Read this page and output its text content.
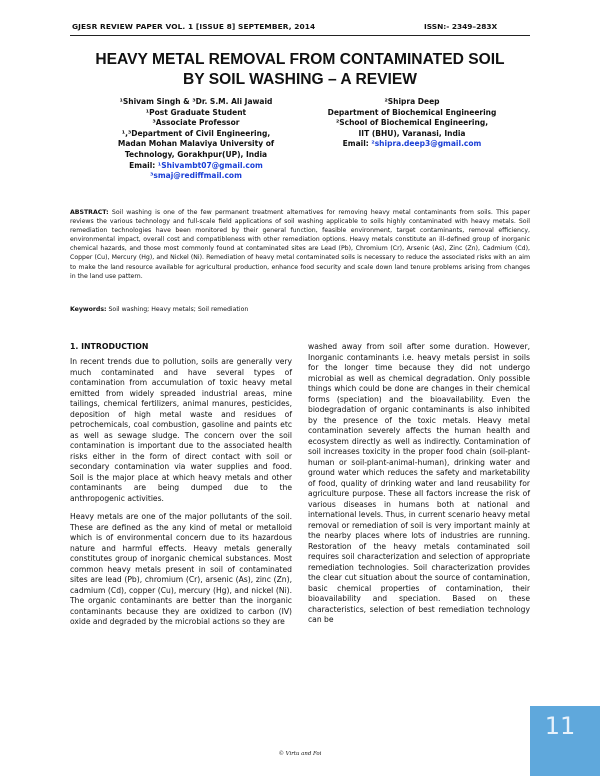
GJESR REVIEW PAPER VOL. 1 [ISSUE 8] SEPTEMBER, 2014	ISSN:- 2349–283X
HEAVY METAL REMOVAL FROM CONTAMINATED SOIL
BY SOIL WASHING – A REVIEW
¹Shivam Singh & ³Dr. S.M. Ali Jawaid
¹Post Graduate Student
³Associate Professor
¹,³Department of Civil Engineering,
Madan Mohan Malaviya University of
Technology, Gorakhpur(UP), India
Email: ¹Shivambt07@gmail.com
³smaj@rediffmail.com
²Shipra Deep
Department of Biochemical Engineering
²School of Biochemical Engineering,
IIT (BHU), Varanasi, India
Email: ²shipra.deep3@gmail.com
ABSTRACT: Soil washing is one of the few permanent treatment alternatives for removing heavy metal contaminants from soils. This paper reviews the various technology and full-scale field applications of soil washing applicable to soils highly contaminated with heavy metals. Soil remediation technologies have been monitored by their general function, feasible environment, target contaminants, removal efficiency, environmental impact, overall cost and compatibleness with other remediation options. Heavy metals constitute an ill-defined group of inorganic chemical hazards, and those most commonly found at contaminated sites are Lead (Pb), Chromium (Cr), Arsenic (As), Zinc (Zn), Cadmium (Cd), Copper (Cu), Mercury (Hg), and Nickel (Ni). Remediation of heavy metal contaminated soils is necessary to reduce the associated risks with an aim to make the land resource available for agricultural production, enhance food security and scale down land tenure problems arising from changes in the land use pattern.
Keywords: Soil washing; Heavy metals; Soil remediation
1. INTRODUCTION

In recent trends due to pollution, soils are generally very much contaminated and have several types of contamination from accumulation of toxic heavy metal emitted from widely spreaded industrial areas, mine tailings, chemical fertilizers, animal manures, pesticides, deposition of high metal waste and residues of petrochemicals, coal combustion, gasoline and paints etc as well as sewage sludge. The concern over the soil contamination is important due to the associated health risks either in the form of direct contact with soil or secondary contamination via water supplies and food. Soil is the major place at which heavy metals and other contaminants are being dumped due to the anthropogenic activities.

Heavy metals are one of the major pollutants of the soil. These are defined as the any kind of metal or metalloid which is of environmental concern due to its hazardous nature and harmful effects. Heavy metals generally constitutes group of inorganic chemical substances. Most common heavy metals present in soil of contaminated sites are lead (Pb), chromium (Cr), arsenic (As), zinc (Zn), cadmium (Cd), copper (Cu), mercury (Hg), and nickel (Ni). The organic contaminants are better than the inorganic contaminants because they are oxidized to carbon (IV) oxide and degraded by the microbial actions so they are

washed away from soil after some duration. However, Inorganic contaminants i.e. heavy metals persist in soils for the longer time because they did not undergo microbial as well as chemical degradation. Only possible things which could be done are changes in their chemical forms (speciation) and the bioavailability. Even the biodegradation of organic contaminants is also inhibited by the presence of the toxic metals. Heavy metal contamination severely affects the human health and ecosystem directly as well as indirectly. Contamination of soil increases toxicity in the proper food chain (soil-plant-human or soil-plant-animal-human), drinking water and ground water which reduces the safety and marketability of food, quality of drinking water and land reusability for agriculture purpose. These all factors increase the risk of various diseases in humans both at national and international levels. Thus, in current scenario heavy metal removal or remediation of soil is very important mainly at the nearby places where lots of industries are running. Restoration of the heavy metals contaminated soil requires soil characterization and selection of appropriate remediation technologies. Soil characterization provides the clear cut situation about the source of contamination, basic chemical properties of contamination, their bioavailability and speciation. Based on these characteristics, selection of best remediation technology can be

© Virtu and Foi
11
